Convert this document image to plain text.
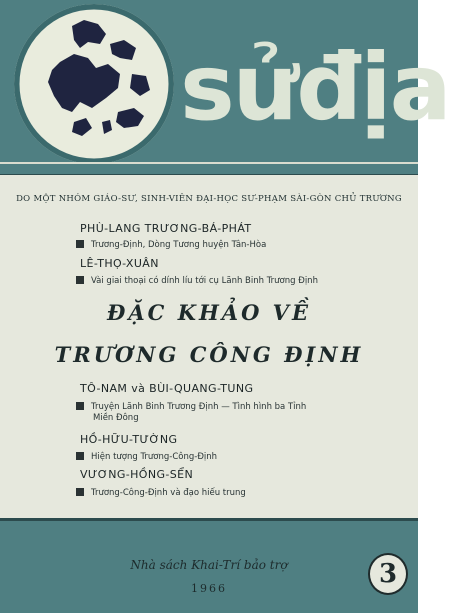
sửđịa
DO MỘT NHÓM GIÁO-SƯ, SINH-VIÊN ĐẠI-HỌC SƯ-PHẠM SÀI-GÒN CHỦ TRƯƠNG
PHÙ-LANG TRƯƠNG-BÁ-PHÁT
Trương-Định, Dòng Tương huyện Tân-Hòa
LÊ-THỌ-XUÂN
Vài giai thoại có dính líu tới cụ Lãnh Binh Trương Định
ĐẶC KHẢO VỀ
TRƯƠNG CÔNG ĐỊNH
TÔ-NAM và BÙI-QUANG-TUNG
Truyện Lãnh Binh Trương Định — Tình hình ba Tỉnh
Miền Đông
HỒ-HỮU-TƯỜNG
Hiện tượng Trương-Công-Định
VƯƠNG-HỒNG-SỂN
Trương-Công-Định và đạo hiếu trung
Nhà sách Khai-Trí bảo trợ
1966	3
